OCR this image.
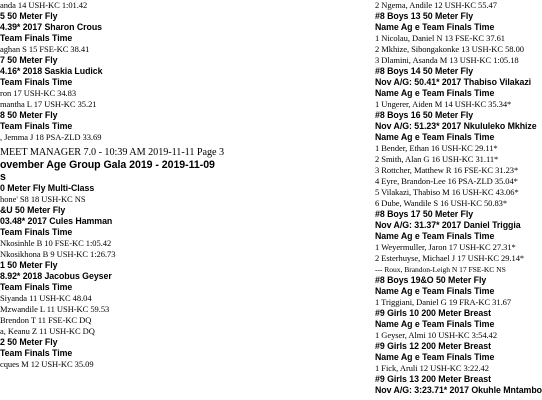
anda 14 USH-KC 1:01.42
5 50 Meter Fly
4.39* 2017 Sharon Crous
Team Finals Time
aghan S 15 FSE-KC 38.41
7 50 Meter Fly
4.16* 2018 Saskia Ludick
Team Finals Time
ron 17 USH-KC 34.83
mantha L 17 USH-KC 35.21
8 50 Meter Fly
Team Finals Time
, Jemma J 18 PSA-ZLD 33.69
MEET MANAGER 7.0 - 10:39 AM 2019-11-11 Page 3
ovember Age Group Gala 2019 - 2019-11-09
s
0 Meter Fly Multi-Class
hone' S8 18 USH-KC NS
&U 50 Meter Fly
03.48* 2017 Cules Hamman
Team Finals Time
Nkosinhle B 10 FSE-KC 1:05.42
Nkosikhona B 9 USH-KC 1:26.73
1 50 Meter Fly
8.92* 2018 Jacobus Geyser
Team Finals Time
Siyanda 11 USH-KC 48.04
Mzwandile L 11 USH-KC 59.53
Brendon T 11 FSE-KC DQ
a, Keanu Z 11 USH-KC DQ
2 50 Meter Fly
Team Finals Time
cques M 12 USH-KC 35.09
2 Ngema, Andile 12 USH-KC 55.47
#8 Boys 13 50 Meter Fly
Name Ag e Team Finals Time
1 Nicolau, Daniel N 13 FSE-KC 37.61
2 Mkhize, Sibongakonke 13 USH-KC 58.00
3 Dlamini, Asanda M 13 USH-KC 1:05.18
#8 Boys 14 50 Meter Fly
Nov A/G: 50.41* 2017 Thabiso Vilakazi
Name Ag e Team Finals Time
1 Ungerer, Aiden M 14 USH-KC 35.34*
#8 Boys 16 50 Meter Fly
Nov A/G: 51.23* 2017 Nkululeko Mkhize
Name Ag e Team Finals Time
1 Bender, Ethan 16 USH-KC 29.11*
2 Smith, Alan G 16 USH-KC 31.11*
3 Rottcher, Matthew R 16 FSE-KC 31.23*
4 Eyre, Brandon-Lee 16 PSA-ZLD 35.04*
5 Vilakazi, Thabiso M 16 USH-KC 43.06*
6 Dube, Wandile S 16 USH-KC 50.83*
#8 Boys 17 50 Meter Fly
Nov A/G: 31.37* 2017 Daniel Triggia
Name Ag e Team Finals Time
1 Weyermuller, Jaron 17 USH-KC 27.31*
2 Esterhuyse, Michael J 17 USH-KC 29.14*
--- Roux, Brandon-Leigh N 17 FSE-KC NS
#8 Boys 19&O 50 Meter Fly
Name Ag e Team Finals Time
1 Triggiani, Daniel G 19 FRA-KC 31.67
#9 Girls 10 200 Meter Breast
Name Ag e Team Finals Time
1 Geyser, Almi 10 USH-KC 3:54.42
#9 Girls 12 200 Meter Breast
Name Ag e Team Finals Time
1 Fick, Aruli 12 USH-KC 3:22.42
#9 Girls 13 200 Meter Breast
Nov A/G: 3:23.71* 2017 Okuhle Mntambo
